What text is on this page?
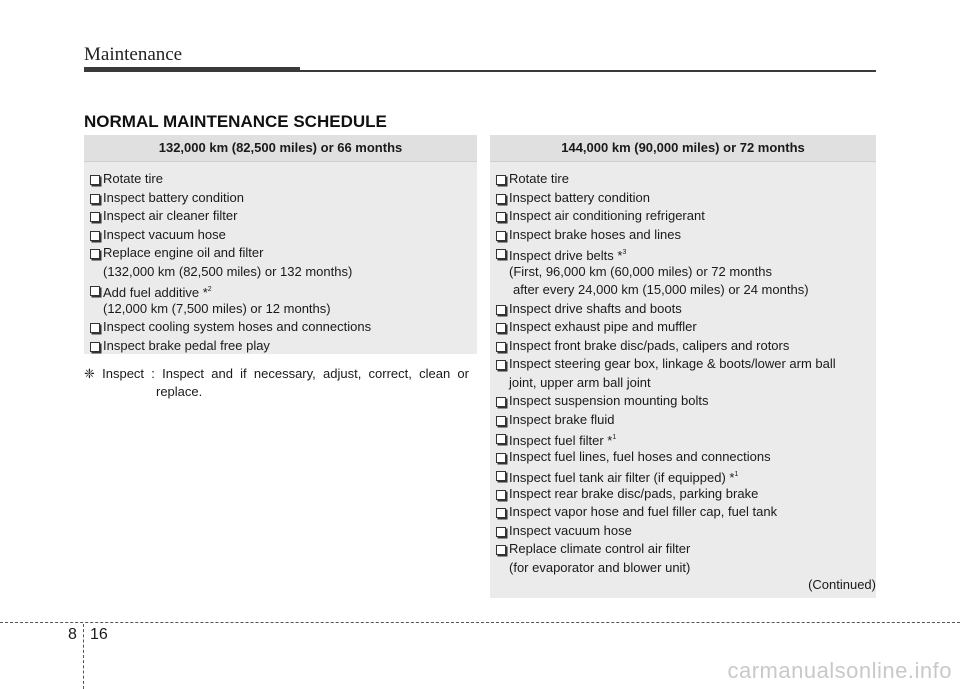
Maintenance
NORMAL MAINTENANCE SCHEDULE
132,000 km (82,500 miles) or 66 months
Rotate tire
Inspect battery condition
Inspect air cleaner filter
Inspect vacuum hose
Replace engine oil and filter
(132,000 km (82,500 miles) or 132 months)
Add fuel additive *$^2$
(12,000 km (7,500 miles) or 12 months)
Inspect cooling system hoses and connections
Inspect brake pedal free play
❈ Inspect : Inspect and if necessary, adjust, correct, clean or
replace.
144,000 km (90,000 miles) or 72 months
Rotate tire
Inspect battery condition
Inspect air conditioning refrigerant
Inspect brake hoses and lines
Inspect drive belts *$^3$
(First, 96,000 km (60,000 miles) or 72 months
after every 24,000 km (15,000 miles) or 24 months)
Inspect drive shafts and boots
Inspect exhaust pipe and muffler
Inspect front brake disc/pads, calipers and rotors
Inspect steering gear box, linkage & boots/lower arm ball
joint, upper arm ball joint
Inspect suspension mounting bolts
Inspect brake fluid
Inspect fuel filter *$^1$
Inspect fuel lines, fuel hoses and connections
Inspect fuel tank air filter (if equipped) *$^1$
Inspect rear brake disc/pads, parking brake
Inspect vapor hose and fuel filler cap, fuel tank
Inspect vacuum hose
Replace climate control air filter
(for evaporator and blower unit)
(Continued)
8 16
carmanualsonline.info
